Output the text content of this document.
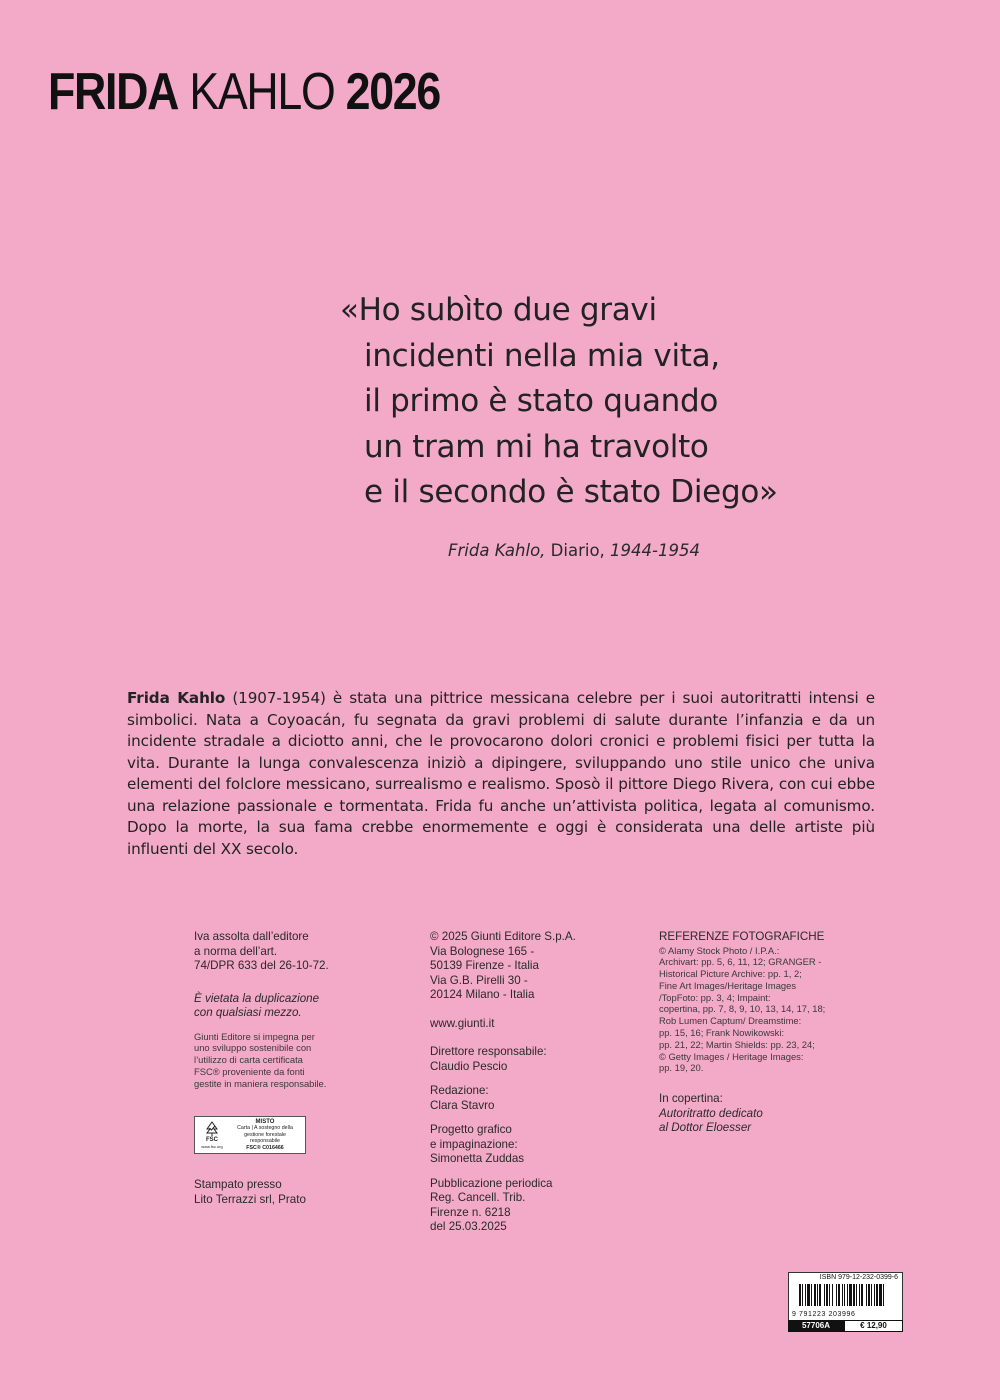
FRIDA KAHLO 2026
«Ho subìto due gravi
incidenti nella mia vita,
il primo è stato quando
un tram mi ha travolto
e il secondo è stato Diego»
Frida Kahlo, Diario, 1944-1954
Frida Kahlo (1907-1954) è stata una pittrice messicana celebre per i suoi autoritratti intensi e simbolici. Nata a Coyoacán, fu segnata da gravi problemi di salute durante l’infanzia e da un incidente stradale a diciotto anni, che le provocarono dolori cronici e problemi fisici per tutta la vita. Durante la lunga convalescenza iniziò a dipingere, sviluppando uno stile unico che univa elementi del folclore messicano, surrealismo e realismo. Sposò il pittore Diego Rivera, con cui ebbe una relazione passionale e tormentata. Frida fu anche un’attivista politica, legata al comunismo. Dopo la morte, la sua fama crebbe enormemente e oggi è considerata una delle artiste più influenti del XX secolo.
Iva assolta dall’editore
a norma dell’art.
74/DPR 633 del 26-10-72.
È vietata la duplicazione
con qualsiasi mezzo.
Giunti Editore si impegna per
uno sviluppo sostenibile con
l’utilizzo di carta certificata
FSC® proveniente da fonti
gestite in maniera responsabile.
FSC
www.fsc.org
MISTO
Carta | A sostegno della
gestione forestale responsabile
FSC® C016466
Stampato presso
Lito Terrazzi srl, Prato
© 2025 Giunti Editore S.p.A.
Via Bolognese 165 -
50139 Firenze - Italia
Via G.B. Pirelli 30 -
20124 Milano - Italia
www.giunti.it
Direttore responsabile:
Claudio Pescio
Redazione:
Clara Stavro
Progetto grafico
e impaginazione:
Simonetta Zuddas
Pubblicazione periodica
Reg. Cancell. Trib.
Firenze n. 6218
del 25.03.2025
REFERENZE FOTOGRAFICHE
© Alamy Stock Photo / I.P.A.:
Archivart: pp. 5, 6, 11, 12; GRANGER -
Historical Picture Archive: pp. 1, 2;
Fine Art Images/Heritage Images
/TopFoto: pp. 3, 4; Impaint:
copertina, pp. 7, 8, 9, 10, 13, 14, 17, 18;
Rob Lumen Captum/ Dreamstime:
pp. 15, 16; Frank Nowikowski:
pp. 21, 22; Martin Shields: pp. 23, 24;
© Getty Images / Heritage Images:
pp. 19, 20.
In copertina:
Autoritratto dedicato
al Dottor Eloesser
ISBN 979-12-232-0399-6
9 791223 203996
57706A	€ 12,90
